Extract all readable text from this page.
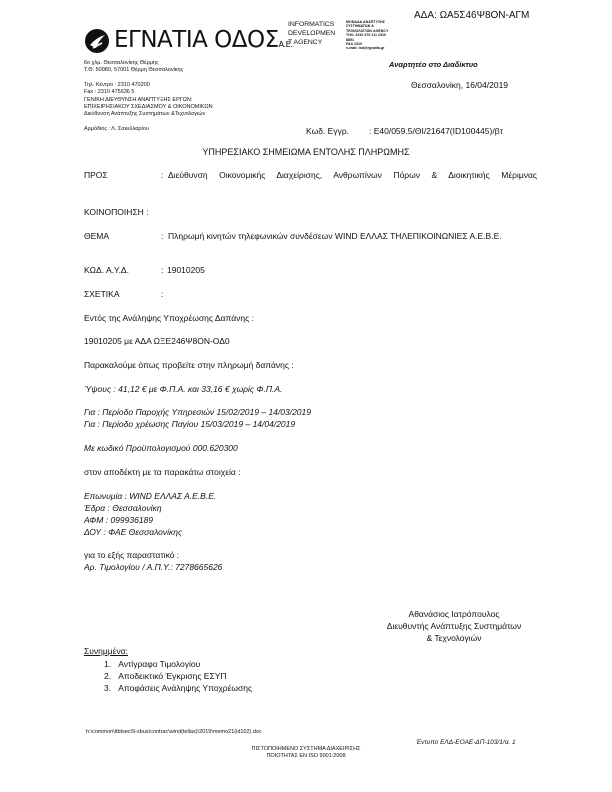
ΑΔΑ: ΩΑ5Σ46Ψ8ΟΝ-ΑΓΜ
ΕΓΝΑΤΙΑ ΟΔΟΣΑ.Ε.
INFORMATICS
DEVELOPMEN
T AGENCY
ΜΟΝΑΔΑ ΑΝΑΠΤΥΞΗΣ
ΣΥΣΤΗΜΑΤΩΝ &
ΤΕΧΝΟΛΟΓΙΩΝ AGENCY
ΤΗΛ: 2310 470 111 2310
8891
FAX 2310
e-mail: isd@egnatia.gr
6ο χλμ. Θεσσαλονίκης Θέρμης
Τ.Θ. 50080, 57001 Θέρμη Θεσσαλονίκης
Τηλ. Κέντρο : 2310 470200
Fax : 2310 475636 5
ΓΕΝΙΚΗ ΔΙΕΥΘΥΝΣΗ ΑΝΑΠΤΥΞΗΣ ΕΡΓΩΝ:
ΕΠΙΧΕΙΡΗΣΙΑΚΟΥ ΣΧΕΔΙΑΣΜΟΥ & ΟΙΚΟΝΟΜΙΚΩΝ
Διεύθυνση Ανάπτυξης Συστημάτων &Τεχνολογιών
Αρμόδιος : Λ. Σακελλαρίου
Αναρτητέο στο Διαδίκτυο
Θεσσαλονίκη, 16/04/2019
Κωδ. Εγγρ. : Ε40/059.5/ΘΙ/21647(ID100445)/βτ
ΥΠΗΡΕΣΙΑΚΟ ΣΗΜΕΙΩΜΑ ΕΝΤΟΛΗΣ ΠΛΗΡΩΜΗΣ
ΠΡΟΣ	: Διεύθυνση Οικονομικής Διαχείρισης, Ανθρωπίνων Πόρων & Διοικητικής Μέριμνας
ΚΟΙΝΟΠΟΙΗΣΗ :
ΘΕΜΑ	: Πληρωμή κινητών τηλεφωνικών συνδέσεων WIND ΕΛΛΑΣ ΤΗΛΕΠΙΚΟΙΝΩΝΙΕΣ Α.Ε.Β.Ε.
ΚΩΔ. Α.Υ.Δ.	: 19010205
ΣΧΕΤΙΚΑ	:
Εντός της Ανάληψης Υποχρέωσης Δαπάνης :
19010205 με ΑΔΑ ΩΞΕ246Ψ8ΟΝ-ΟΔ0
Παρακαλούμε όπως προβείτε στην πληρωμή δαπάνης :
Ύψους : 41,12 € με Φ.Π.Α. και 33,16 € χωρίς Φ.Π.Α.
Για : Περίοδο Παροχής Υπηρεσιών 15/02/2019 – 14/03/2019
Για : Περίοδο χρέωσης Παγίου 15/03/2019 – 14/04/2019
Με κωδικό Προϋπολογισμού 000.620300
στον αποδέκτη με τα παρακάτω στοιχεία :
Επωνυμία : WIND ΕΛΛΑΣ Α.Ε.Β.Ε.
Έδρα : Θεσσαλονίκη
ΑΦΜ : 099936189
ΔΟΥ : ΦΑΕ Θεσσαλονίκης
για το εξής παραστατικό :
Αρ. Τιμολογίου / Α.Π.Υ.: 7278665626
Αθανάσιος Ιατρόπουλος
Διευθυντής Ανάπτυξης Συστημάτων
& Τεχνολογιών
Συνημμένα:
1.   Αντίγραφο Τιμολογίου
2.   Αποδεικτικό Έγκρισης ΕΣΥΠ
3.   Αποφάσεις Ανάληψης Υποχρέωσης
h:\common\itbtsec\9-sbus\contrac\wind(tellas)\2019\memo21(id102).doc
Έντυπο ΕΛΔ-ΕΟΑΕ-ΔΠ-103/1/α. 1
ΠΙΣΤΟΠΟΙΗΜΕΝΟ ΣΥΣΤΗΜΑ ΔΙΑΧΕΙΡΙΣΗΣ
ΠΟΙΟΤΗΤΑΣ ΕΝ ISO 9001:2008
